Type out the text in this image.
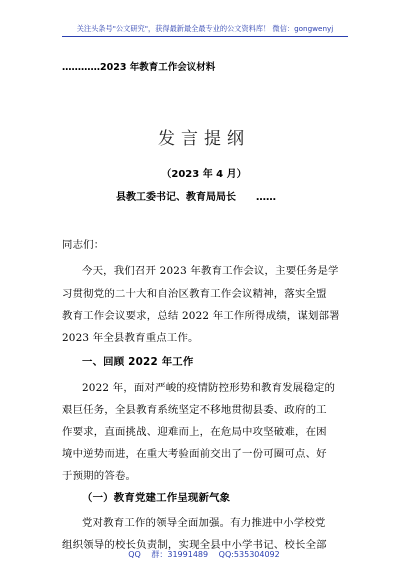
关注头条号"公文研究"，获得最新最全最专业的公文资料库！ 微信：gongwenyj
…………2023 年教育工作会议材料
发言提纲
（2023 年 4 月）
县教工委书记、教育局局长　　……
同志们：
今天，我们召开 2023 年教育工作会议，主要任务是学
习贯彻党的二十大和自治区教育工作会议精神，落实全盟
教育工作会议要求，总结 2022 年工作所得成绩，谋划部署
2023 年全县教育重点工作。
一、回顾 2022 年工作
2022 年，面对严峻的疫情防控形势和教育发展稳定的
艰巨任务，全县教育系统坚定不移地贯彻县委、政府的工
作要求，直面挑战、迎难而上，在危局中攻坚破难，在困
境中逆势而进，在重大考验面前交出了一份可圈可点、好
于预期的答卷。
（一）教育党建工作呈现新气象
党对教育工作的领导全面加强。有力推进中小学校党
组织领导的校长负责制，实现全县中小学书记、校长全部
QQ 群：31991489 QQ:535304092
